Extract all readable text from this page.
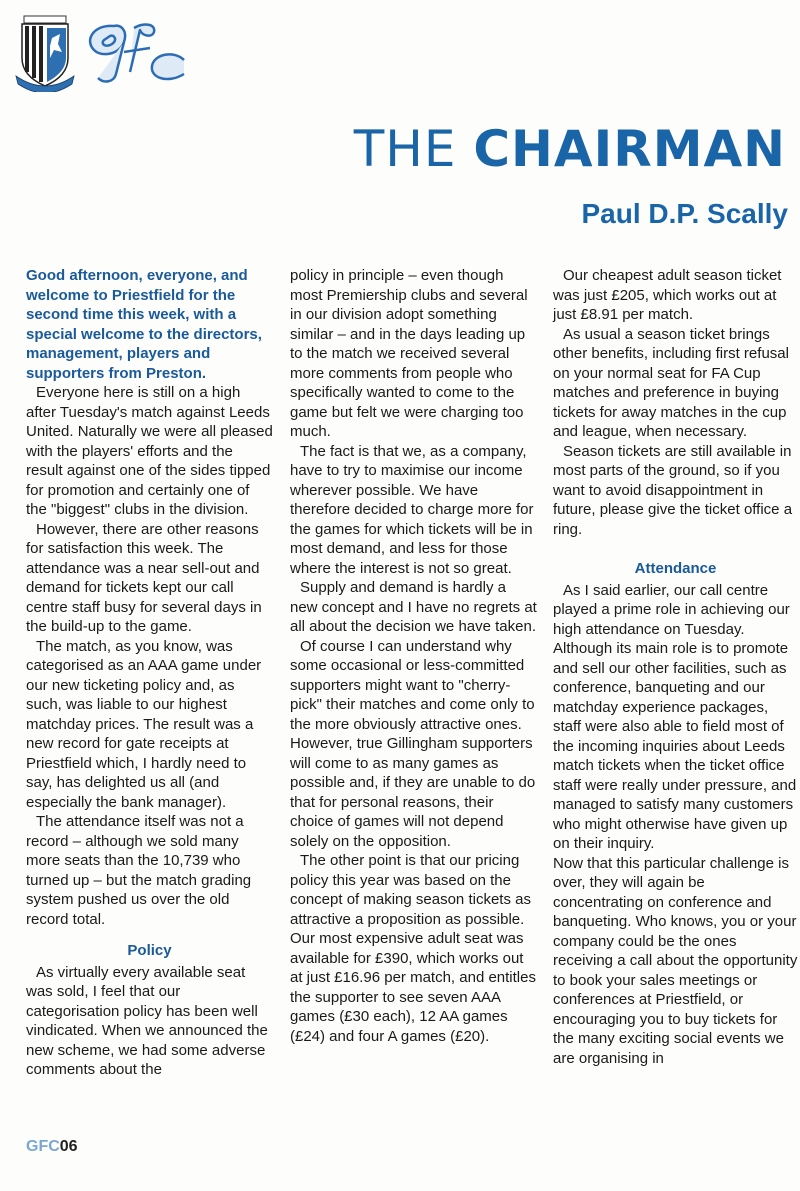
THE CHAIRMAN
Paul D.P. Scally

Good afternoon, everyone, and welcome to Priestfield for the second time this week, with a special welcome to the directors, management, players and supporters from Preston.

Everyone here is still on a high after Tuesday's match against Leeds United. Naturally we were all pleased with the players' efforts and the result against one of the sides tipped for promotion and certainly one of the "biggest" clubs in the division.

However, there are other reasons for satisfaction this week. The attendance was a near sell-out and demand for tickets kept our call centre staff busy for several days in the build-up to the game.

The match, as you know, was categorised as an AAA game under our new ticketing policy and, as such, was liable to our highest matchday prices. The result was a new record for gate receipts at Priestfield which, I hardly need to say, has delighted us all (and especially the bank manager).

The attendance itself was not a record – although we sold many more seats than the 10,739 who turned up – but the match grading system pushed us over the old record total.

Policy

As virtually every available seat was sold, I feel that our categorisation policy has been well vindicated. When we announced the new scheme, we had some adverse comments about the

policy in principle – even though most Premiership clubs and several in our division adopt something similar – and in the days leading up to the match we received several more comments from people who specifically wanted to come to the game but felt we were charging too much.

The fact is that we, as a company, have to try to maximise our income wherever possible. We have therefore decided to charge more for the games for which tickets will be in most demand, and less for those where the interest is not so great.

Supply and demand is hardly a new concept and I have no regrets at all about the decision we have taken.

Of course I can understand why some occasional or less-committed supporters might want to "cherry-pick" their matches and come only to the more obviously attractive ones. However, true Gillingham supporters will come to as many games as possible and, if they are unable to do that for personal reasons, their choice of games will not depend solely on the opposition.

The other point is that our pricing policy this year was based on the concept of making season tickets as attractive a proposition as possible. Our most expensive adult seat was available for £390, which works out at just £16.96 per match, and entitles the supporter to see seven AAA games (£30 each), 12 AA games (£24) and four A games (£20).

Our cheapest adult season ticket was just £205, which works out at just £8.91 per match.

As usual a season ticket brings other benefits, including first refusal on your normal seat for FA Cup matches and preference in buying tickets for away matches in the cup and league, when necessary.

Season tickets are still available in most parts of the ground, so if you want to avoid disappointment in future, please give the ticket office a ring.

Attendance

As I said earlier, our call centre played a prime role in achieving our high attendance on Tuesday. Although its main role is to promote and sell our other facilities, such as conference, banqueting and our matchday experience packages, staff were also able to field most of the incoming inquiries about Leeds match tickets when the ticket office staff were really under pressure, and managed to satisfy many customers who might otherwise have given up on their inquiry.

Now that this particular challenge is over, they will again be concentrating on conference and banqueting. Who knows, you or your company could be the ones receiving a call about the opportunity to book your sales meetings or conferences at Priestfield, or encouraging you to buy tickets for the many exciting social events we are organising in

GFC06
